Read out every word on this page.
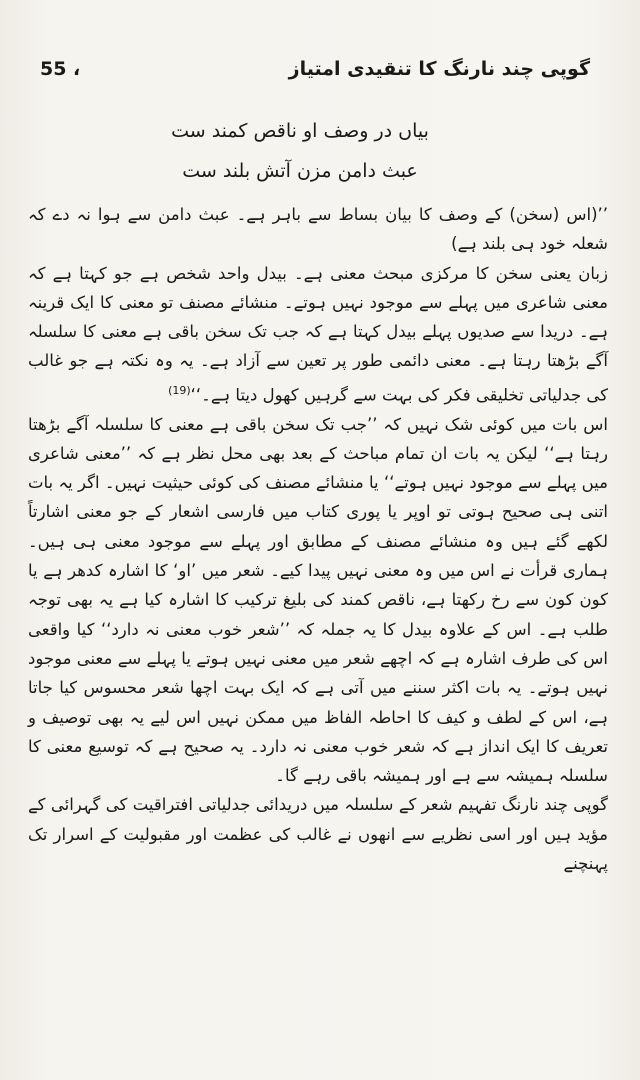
55 ،	گوپی چند نارنگ کا تنقیدی امتیاز
بیاں در وصف او ناقص کمند ست
عبث دامن مزن آتش بلند ست

’’(اس (سخن) کے وصف کا بیان بساط سے باہر ہے۔ عبث دامن سے ہوا نہ دے کہ شعلہ خود ہی بلند ہے)

زبان یعنی سخن کا مرکزی مبحث معنی ہے۔ بیدل واحد شخص ہے جو کہتا ہے کہ معنی شاعری میں پہلے سے موجود نہیں ہوتے۔ منشائے مصنف تو معنی کا ایک قرینہ ہے۔ دریدا سے صدیوں پہلے بیدل کہتا ہے کہ جب تک سخن باقی ہے معنی کا سلسلہ آگے بڑھتا رہتا ہے۔ معنی دائمی طور پر تعین سے آزاد ہے۔ یہ وہ نکتہ ہے جو غالب کی جدلیاتی تخلیقی فکر کی بہت سے گرہیں کھول دیتا ہے۔‘‘$^{(19)}$

اس بات میں کوئی شک نہیں کہ ’’جب تک سخن باقی ہے معنی کا سلسلہ آگے بڑھتا رہتا ہے‘‘ لیکن یہ بات ان تمام مباحث کے بعد بھی محل نظر ہے کہ ’’معنی شاعری میں پہلے سے موجود نہیں ہوتے‘‘ یا منشائے مصنف کی کوئی حیثیت نہیں۔ اگر یہ بات اتنی ہی صحیح ہوتی تو اوپر یا پوری کتاب میں فارسی اشعار کے جو معنی اشارتاً لکھے گئے ہیں وہ منشائے مصنف کے مطابق اور پہلے سے موجود معنی ہی ہیں۔ ہماری قرأت نے اس میں وہ معنی نہیں پیدا کیے۔ شعر میں ’او‘ کا اشارہ کدھر ہے یا کون کون سے رخ رکھتا ہے، ناقص کمند کی بلیغ ترکیب کا اشارہ کیا ہے یہ بھی توجہ طلب ہے۔ اس کے علاوہ بیدل کا یہ جملہ کہ ’’شعر خوب معنی نہ دارد‘‘ کیا واقعی اس کی طرف اشارہ ہے کہ اچھے شعر میں معنی نہیں ہوتے یا پہلے سے معنی موجود نہیں ہوتے۔ یہ بات اکثر سننے میں آتی ہے کہ ایک بہت اچھا شعر محسوس کیا جاتا ہے، اس کے لطف و کیف کا احاطہ الفاظ میں ممکن نہیں اس لیے یہ بھی توصیف و تعریف کا ایک انداز ہے کہ شعر خوب معنی نہ دارد۔ یہ صحیح ہے کہ توسیع معنی کا سلسلہ ہمیشہ سے ہے اور ہمیشہ باقی رہے گا۔

گوپی چند نارنگ تفہیم شعر کے سلسلہ میں دریدائی جدلیاتی افتراقیت کی گہرائی کے مؤید ہیں اور اسی نظریے سے انھوں نے غالب کی عظمت اور مقبولیت کے اسرار تک پہنچنے
